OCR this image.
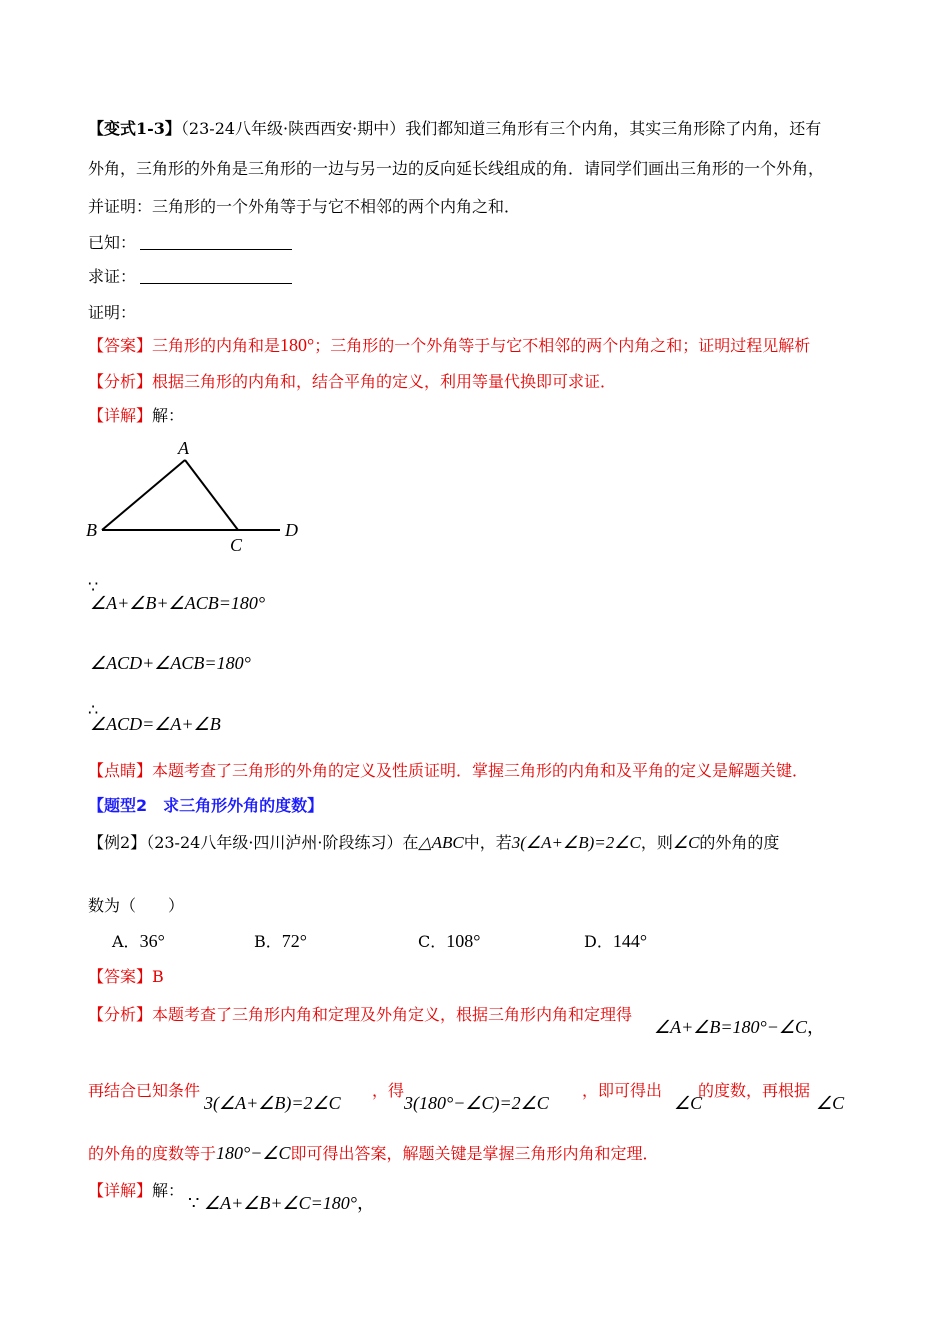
【变式1-3】（23-24八年级·陕西西安·期中）我们都知道三角形有三个内角，其实三角形除了内角，还有
外角，三角形的外角是三角形的一边与另一边的反向延长线组成的角．请同学们画出三角形的一个外角，
并证明：三角形的一个外角等于与它不相邻的两个内角之和．
已知：
求证：
证明：
【答案】三角形的内角和是180°；三角形的一个外角等于与它不相邻的两个内角之和；证明过程见解析
【分析】根据三角形的内角和，结合平角的定义，利用等量代换即可求证．
【详解】解：
A
B
C
D
∵
∠A+∠B+∠ACB=180°
∠ACD+∠ACB=180°
∴
∠ACD=∠A+∠B
【点睛】本题考查了三角形的外角的定义及性质证明．掌握三角形的内角和及平角的定义是解题关键．
【题型2　求三角形外角的度数】
【例2】（23-24八年级·四川泸州·阶段练习）在△ABC中，若3(∠A+∠B)=2∠C，则∠C的外角的度
数为（　　）
A．36°	B．72°	C．108°	D．144°
【答案】B
【分析】本题考查了三角形内角和定理及外角定义，根据三角形内角和定理得
∠A+∠B=180°−∠C，
再结合已知条件
3(∠A+∠B)=2∠C
，得
3(180°−∠C)=2∠C
，即可得出
∠C
的度数，再根据
∠C
的外角的度数等于180°−∠C即可得出答案，解题关键是掌握三角形内角和定理．
【详解】解：
∵ ∠A+∠B+∠C=180°，
